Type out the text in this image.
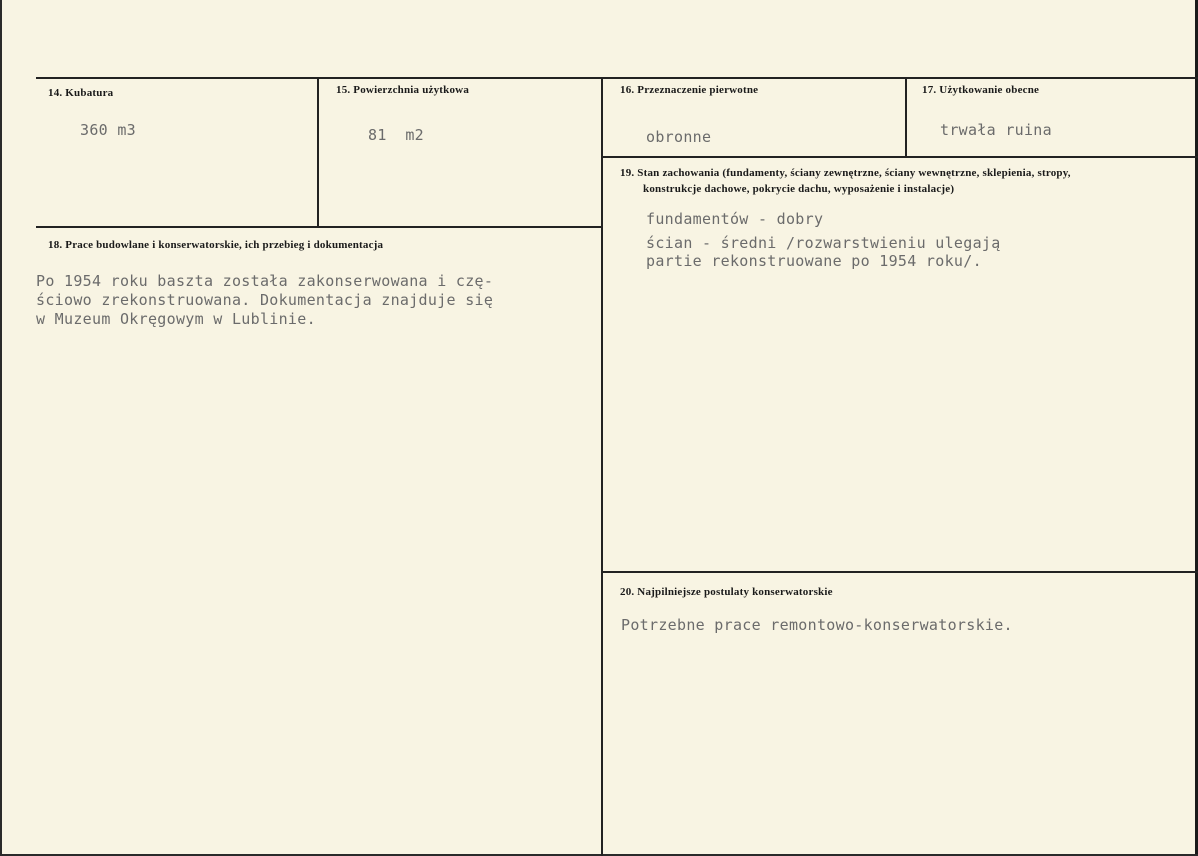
14. Kubatura
360 m3
15. Powierzchnia użytkowa
81  m2
16. Przeznaczenie pierwotne
obronne
17. Użytkowanie obecne
trwała ruina
19. Stan zachowania (fundamenty, ściany zewnętrzne, ściany wewnętrzne, sklepienia, stropy,
konstrukcje dachowe, pokrycie dachu, wyposażenie i instalacje)
fundamentów - dobry
ścian - średni /rozwarstwieniu ulegają
partie rekonstruowane po 1954 roku/.
18. Prace budowlane i konserwatorskie, ich przebieg i dokumentacja
Po 1954 roku baszta została zakonserwowana i czę-
ściowo zrekonstruowana. Dokumentacja znajduje się
w Muzeum Okręgowym w Lublinie.
20. Najpilniejsze postulaty konserwatorskie
Potrzebne prace remontowo-konserwatorskie.
